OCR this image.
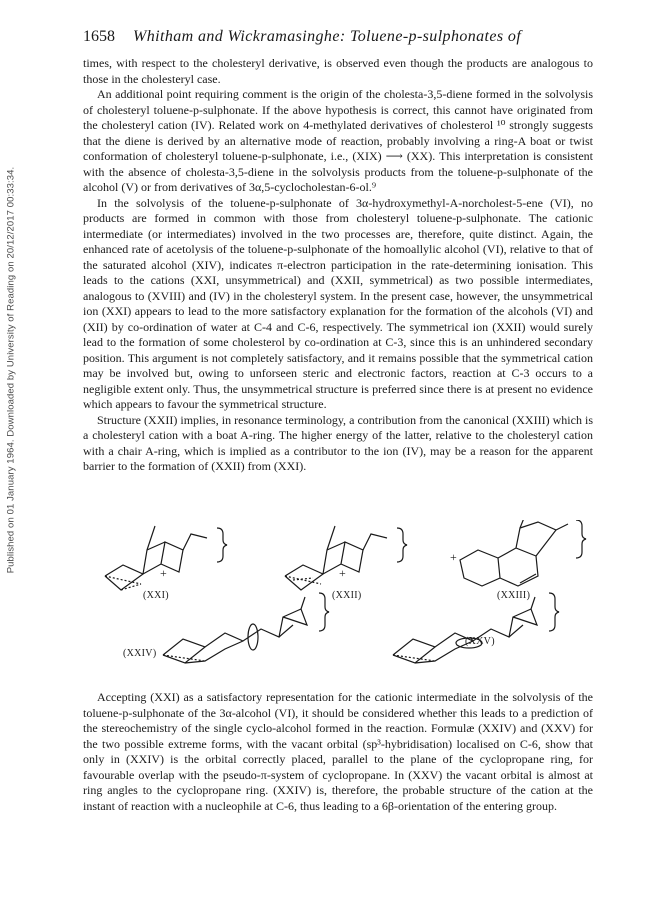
Published on 01 January 1964. Downloaded by University of Reading on 20/12/2017 00:33:34.
1658 Whitham and Wickramasinghe: Toluene-p-sulphonates of

times, with respect to the cholesteryl derivative, is observed even though the products are analogous to those in the cholesteryl case.

An additional point requiring comment is the origin of the cholesta-3,5-diene formed in the solvolysis of cholesteryl toluene-p-sulphonate. If the above hypothesis is correct, this cannot have originated from the cholesteryl cation (IV). Related work on 4-methylated derivatives of cholesterol ¹⁰ strongly suggests that the diene is derived by an alternative mode of reaction, probably involving a ring-A boat or twist conformation of cholesteryl toluene-p-sulphonate, i.e., (XIX) ⟶ (XX). This interpretation is consistent with the absence of cholesta-3,5-diene in the solvolysis products from the toluene-p-sulphonate of the alcohol (V) or from derivatives of 3α,5-cyclocholestan-6-ol.⁹

In the solvolysis of the toluene-p-sulphonate of 3α-hydroxymethyl-A-norcholest-5-ene (VI), no products are formed in common with those from cholesteryl toluene-p-sulphonate. The cationic intermediate (or intermediates) involved in the two processes are, therefore, quite distinct. Again, the enhanced rate of acetolysis of the toluene-p-sulphonate of the homoallylic alcohol (VI), relative to that of the saturated alcohol (XIV), indicates π-electron participation in the rate-determining ionisation. This leads to the cations (XXI, unsymmetrical) and (XXII, symmetrical) as two possible intermediates, analogous to (XVIII) and (IV) in the cholesteryl system. In the present case, however, the unsymmetrical ion (XXI) appears to lead to the more satisfactory explanation for the formation of the alcohols (VI) and (XII) by co-ordination of water at C-4 and C-6, respectively. The symmetrical ion (XXII) would surely lead to the formation of some cholesterol by co-ordination at C-3, since this is an unhindered secondary position. This argument is not completely satisfactory, and it remains possible that the symmetrical cation may be involved but, owing to unforseen steric and electronic factors, reaction at C-3 occurs to a negligible extent only. Thus, the unsymmetrical structure is preferred since there is at present no evidence which appears to favour the symmetrical structure.

Structure (XXII) implies, in resonance terminology, a contribution from the canonical (XXIII) which is a cholesteryl cation with a boat A-ring. The higher energy of the latter, relative to the cholesteryl cation with a chair A-ring, which is implied as a contributor to the ion (IV), may be a reason for the apparent barrier to the formation of (XXII) from (XXI).

+	+
+
(XXI)	(XXII)	(XXIII)
(XXIV)
(XXV)

Accepting (XXI) as a satisfactory representation for the cationic intermediate in the solvolysis of the toluene-p-sulphonate of the 3α-alcohol (VI), it should be considered whether this leads to a prediction of the stereochemistry of the single cyclo-alcohol formed in the reaction. Formulæ (XXIV) and (XXV) for the two possible extreme forms, with the vacant orbital (sp³-hybridisation) localised on C-6, show that only in (XXIV) is the orbital correctly placed, parallel to the plane of the cyclopropane ring, for favourable overlap with the pseudo-π-system of cyclopropane. In (XXV) the vacant orbital is almost at ring angles to the cyclopropane ring. (XXIV) is, therefore, the probable structure of the cation at the instant of reaction with a nucleophile at C-6, thus leading to a 6β-orientation of the entering group.
